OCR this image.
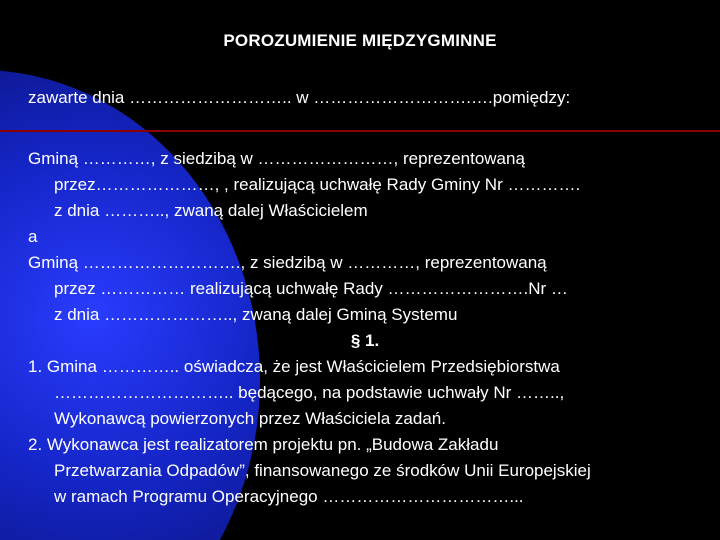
POROZUMIENIE MIĘDZYGMINNE
zawarte dnia ……………………….. w ……………………….….pomiędzy:
Gminą …………, z siedzibą w ……………………, reprezentowaną
przez…………………, , realizującą uchwałę Rady Gminy Nr ………….
z dnia ……….., zwaną dalej Właścicielem
a
Gminą ………………………., z siedzibą w …………, reprezentowaną
przez …………… realizującą uchwałę Rady …………………….Nr …
z dnia ………………….., zwaną dalej Gminą Systemu
§ 1.
1. Gmina ………….. oświadcza, że jest Właścicielem Przedsiębiorstwa
………………………….. będącego, na podstawie uchwały Nr ……..,
Wykonawcą powierzonych przez Właściciela zadań.
2. Wykonawca jest realizatorem projektu pn. „Budowa Zakładu
Przetwarzania Odpadów”, finansowanego ze środków Unii Europejskiej
w ramach Programu Operacyjnego ……………………………...
